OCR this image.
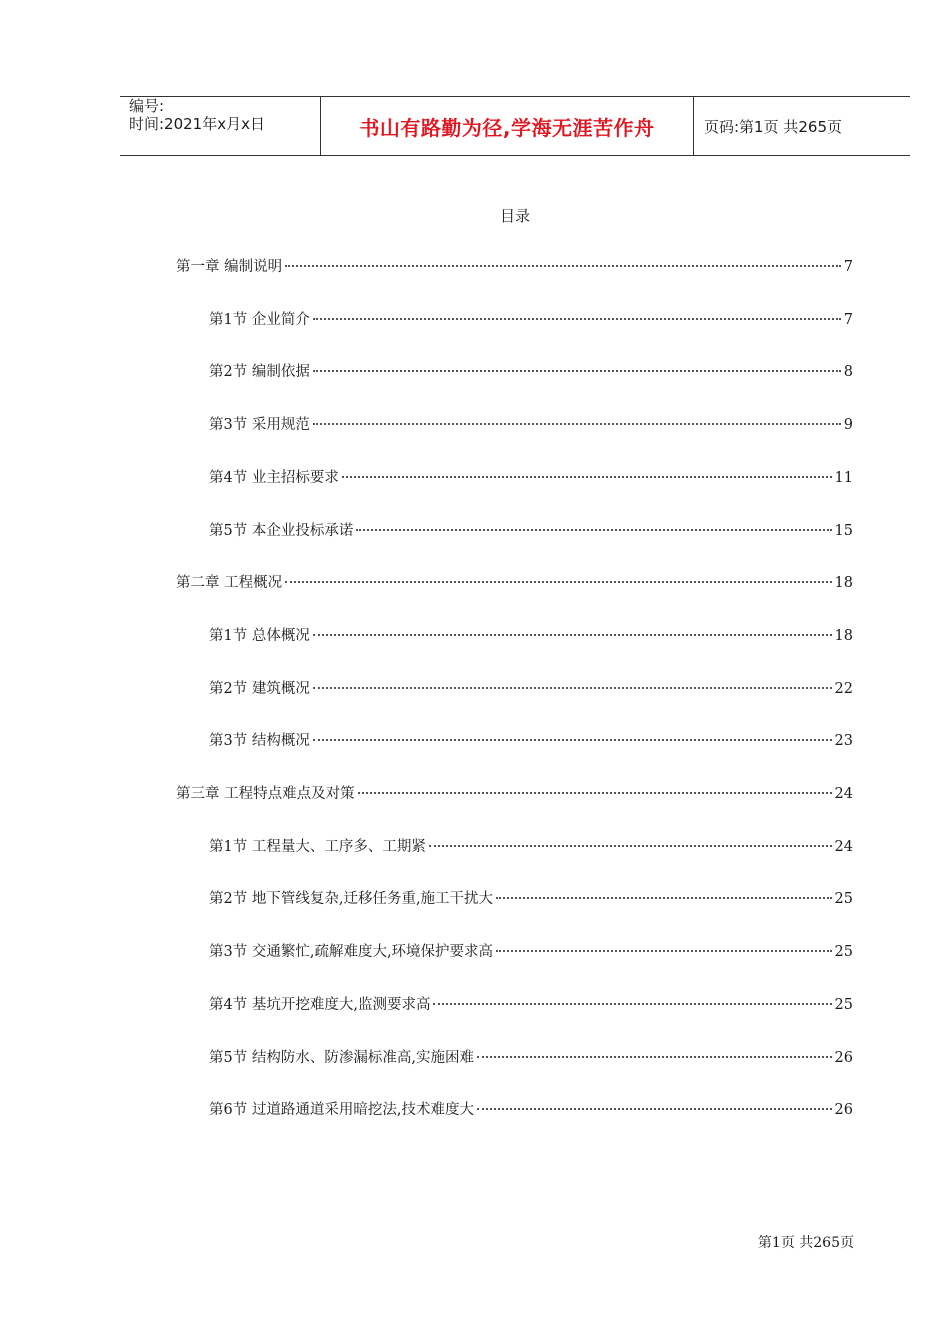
编号:
时间:2021年x月x日	书山有路勤为径,学海无涯苦作舟	页码:第1页 共265页
目录
第一章 编制说明	7
第1节 企业简介	7
第2节 编制依据	8
第3节 采用规范	9
第4节 业主招标要求	11
第5节 本企业投标承诺	15
第二章 工程概况	18
第1节 总体概况	18
第2节 建筑概况	22
第3节 结构概况	23
第三章 工程特点难点及对策	24
第1节 工程量大、工序多、工期紧	24
第2节 地下管线复杂,迁移任务重,施工干扰大	25
第3节 交通繁忙,疏解难度大,环境保护要求高	25
第4节 基坑开挖难度大,监测要求高	25
第5节 结构防水、防渗漏标准高,实施困难	26
第6节 过道路通道采用暗挖法,技术难度大	26
第1页 共265页
